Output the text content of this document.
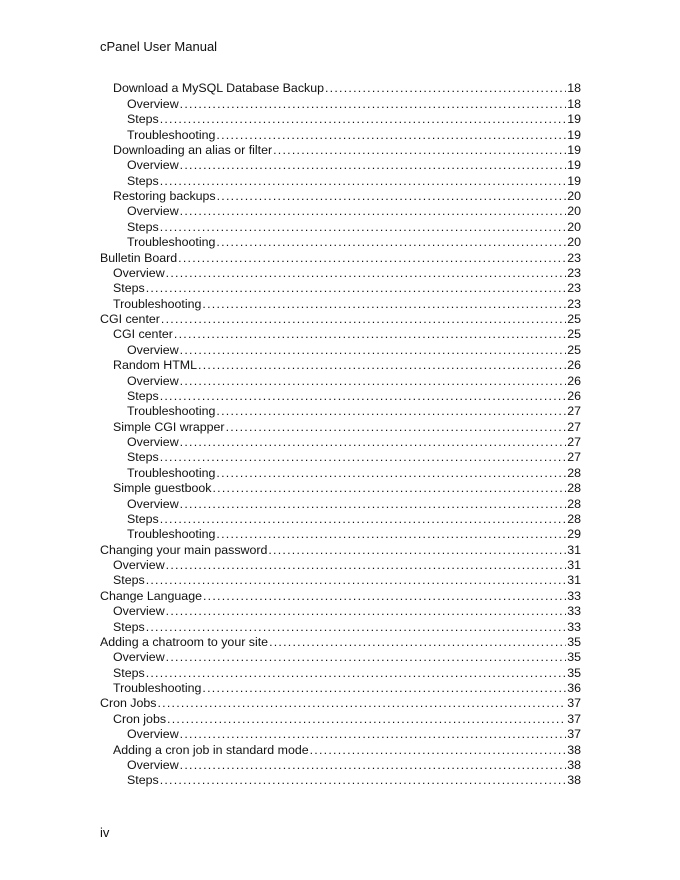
cPanel User Manual
Download a MySQL Database Backup . . .	18
Overview . . .	18
Steps . . .	19
Troubleshooting . . .	19
Downloading an alias or filter . . .	19
Overview . . .	19
Steps . . .	19
Restoring backups . . .	20
Overview . . .	20
Steps . . .	20
Troubleshooting . . .	20
Bulletin Board . . .	23
Overview . . .	23
Steps . . .	23
Troubleshooting . . .	23
CGI center . . .	25
CGI center . . .	25
Overview . . .	25
Random HTML . . .	26
Overview . . .	26
Steps . . .	26
Troubleshooting . . .	27
Simple CGI wrapper . . .	27
Overview . . .	27
Steps . . .	27
Troubleshooting . . .	28
Simple guestbook . . .	28
Overview . . .	28
Steps . . .	28
Troubleshooting . . .	29
Changing your main password . . .	31
Overview . . .	31
Steps . . .	31
Change Language . . .	33
Overview . . .	33
Steps . . .	33
Adding a chatroom to your site . . .	35
Overview . . .	35
Steps . . .	35
Troubleshooting . . .	36
Cron Jobs . . .	37
Cron jobs . . .	37
Overview . . .	37
Adding a cron job in standard mode . . .	38
Overview . . .	38
Steps . . .	38
iv
